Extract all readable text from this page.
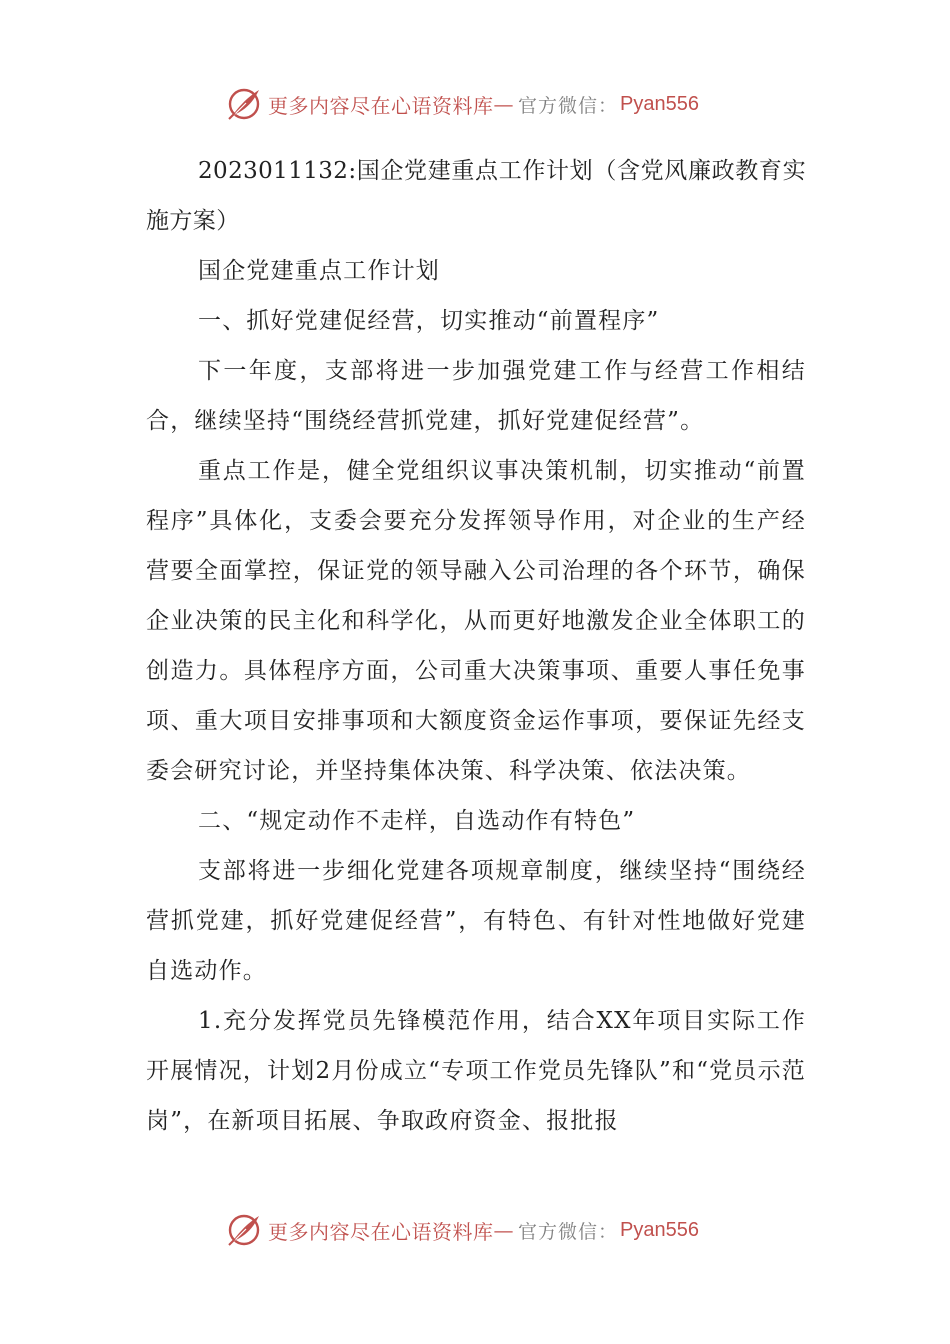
更多内容尽在心语资料库 — 官方微信： Pyan556

2023011132:国企党建重点工作计划（含党风廉政教育实施方案）

国企党建重点工作计划

一、抓好党建促经营，切实推动“前置程序”

下一年度，支部将进一步加强党建工作与经营工作相结合，继续坚持“围绕经营抓党建，抓好党建促经营”。

重点工作是，健全党组织议事决策机制，切实推动“前置程序”具体化，支委会要充分发挥领导作用，对企业的生产经营要全面掌控，保证党的领导融入公司治理的各个环节，确保企业决策的民主化和科学化，从而更好地激发企业全体职工的创造力。具体程序方面，公司重大决策事项、重要人事任免事项、重大项目安排事项和大额度资金运作事项，要保证先经支委会研究讨论，并坚持集体决策、科学决策、依法决策。

二、“规定动作不走样，自选动作有特色”

支部将进一步细化党建各项规章制度，继续坚持“围绕经营抓党建，抓好党建促经营”，有特色、有针对性地做好党建自选动作。

1.充分发挥党员先锋模范作用，结合XX年项目实际工作开展情况，计划2月份成立“专项工作党员先锋队”和“党员示范岗”，在新项目拓展、争取政府资金、报批报

更多内容尽在心语资料库 — 官方微信： Pyan556
